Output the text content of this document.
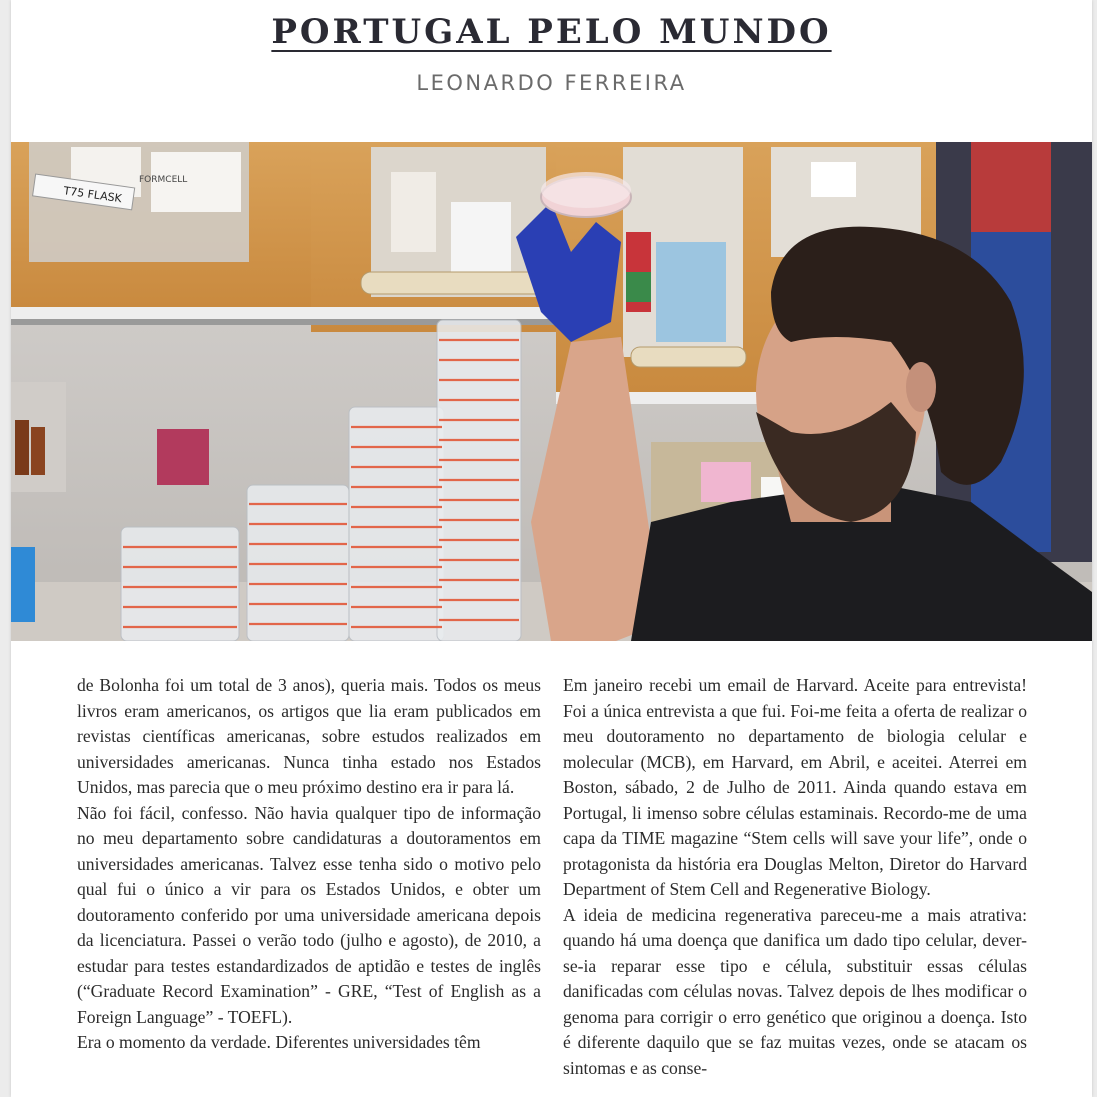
PORTUGAL PELO MUNDO
LEONARDO FERREIRA
T75 FLASK
FORMCELL

de Bolonha foi um total de 3 anos), queria mais. Todos os meus livros eram americanos, os artigos que lia eram publicados em revistas científicas americanas, sobre estudos realizados em universidades americanas. Nunca tinha estado nos Estados Unidos, mas parecia que o meu próximo destino era ir para lá.

Não foi fácil, confesso. Não havia qualquer tipo de informação no meu departamento sobre candidaturas a doutoramentos em universidades americanas. Talvez esse tenha sido o motivo pelo qual fui o único a vir para os Estados Unidos, e obter um doutoramento conferido por uma universidade americana depois da licenciatura. Passei o verão todo (julho e agosto), de 2010, a estudar para testes estandardizados de aptidão e testes de inglês (“Graduate Record Examination” - GRE, “Test of English as a Foreign Language” - TOEFL).

Era o momento da verdade. Diferentes universidades têm

Em janeiro recebi um email de Harvard. Aceite para entrevista! Foi a única entrevista a que fui. Foi-me feita a oferta de realizar o meu doutoramento no departamento de biologia celular e molecular (MCB), em Harvard, em Abril, e aceitei. Aterrei em Boston, sábado, 2 de Julho de 2011. Ainda quando estava em Portugal, li imenso sobre células estaminais. Recordo-me de uma capa da TIME magazine “Stem cells will save your life”, onde o protagonista da história era Douglas Melton, Diretor do Harvard Department of Stem Cell and Regenerative Biology.

A ideia de medicina regenerativa pareceu-me a mais atrativa: quando há uma doença que danifica um dado tipo celular, dever-se-ia reparar esse tipo e célula, substituir essas células danificadas com células novas. Talvez depois de lhes modificar o genoma para corrigir o erro genético que originou a doença. Isto é diferente daquilo que se faz muitas vezes, onde se atacam os sintomas e as conse-
